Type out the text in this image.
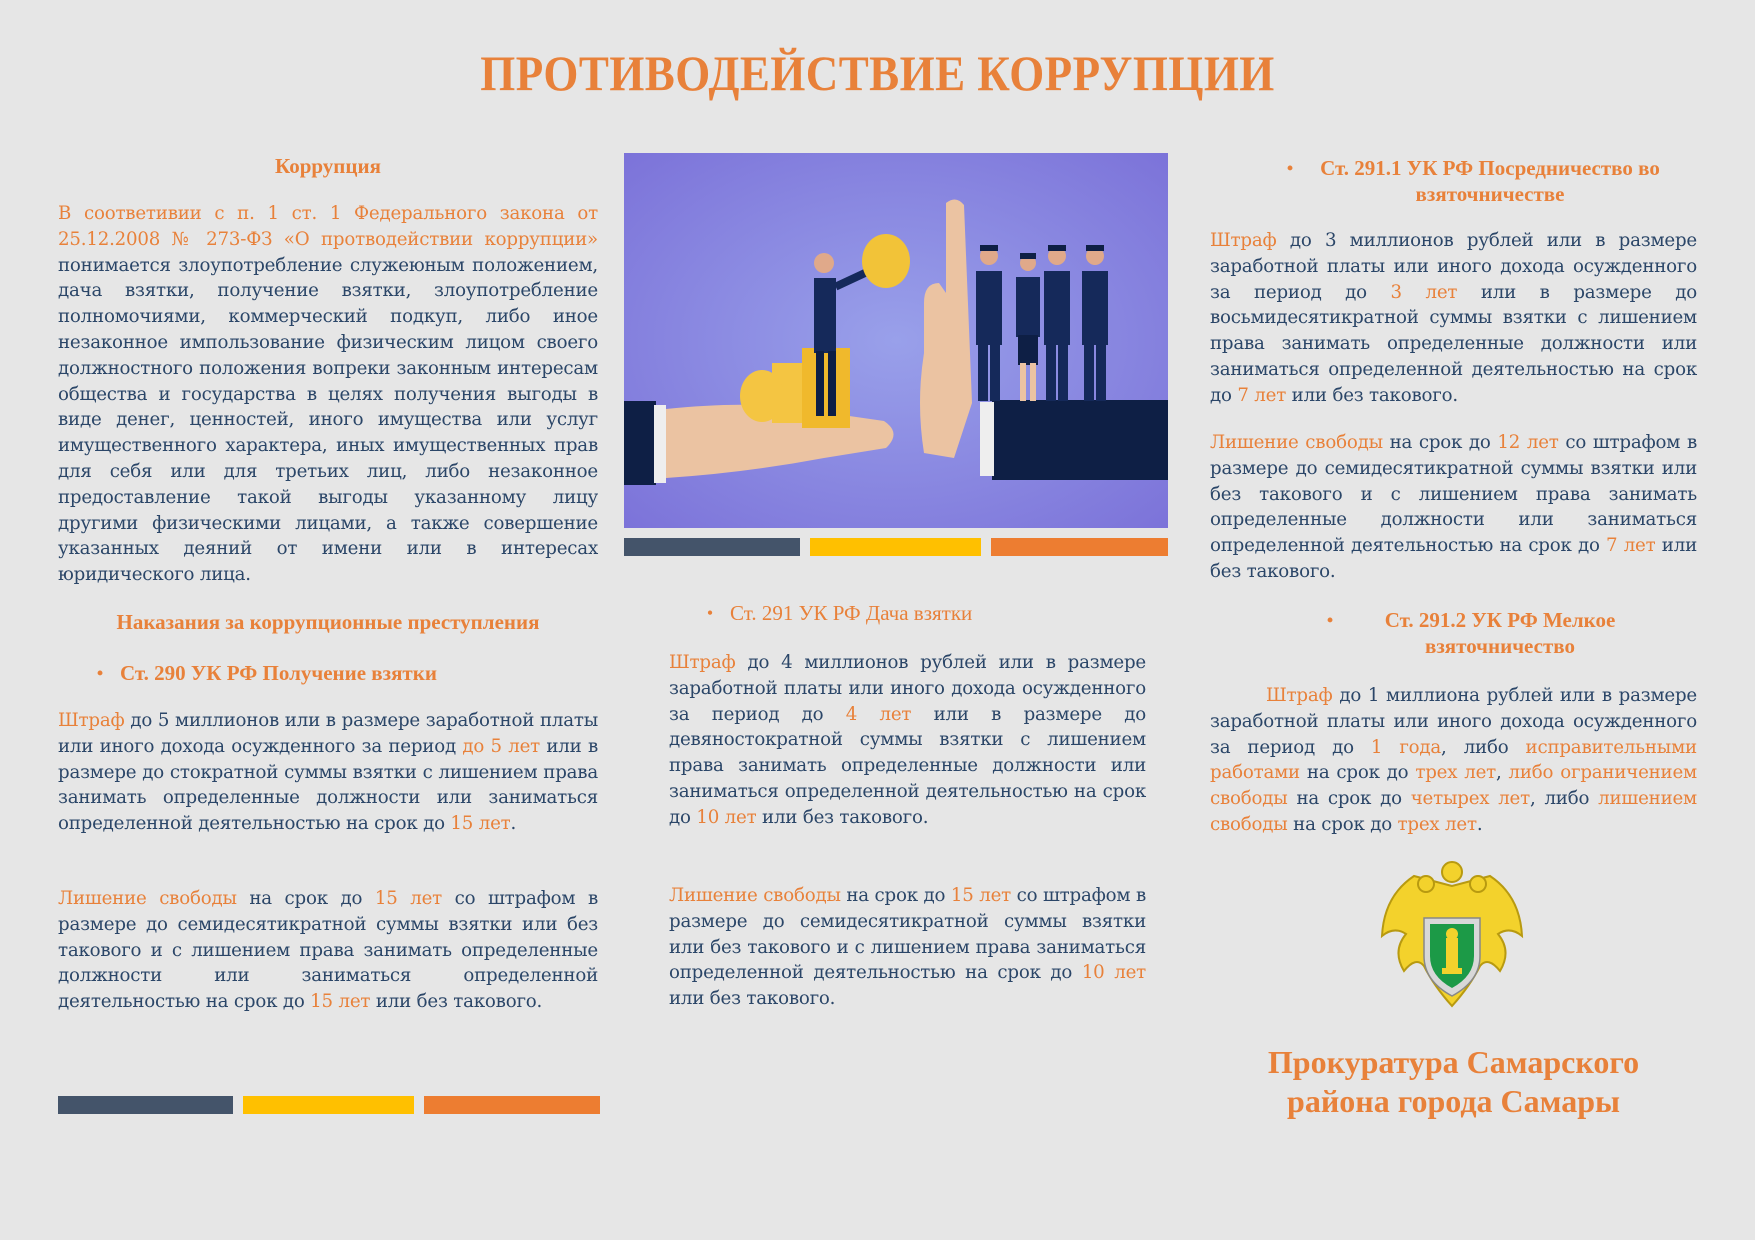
ПРОТИВОДЕЙСТВИЕ КОРРУПЦИИ
Коррупция
В соответивии с п. 1 ст. 1 Федерального закона от 25.12.2008 № 273-ФЗ «О протводействии коррупции» понимается злоупотребление служеюным положением, дача взятки, получение взятки, злоупотребление полномочиями, коммерческий подкуп, либо иное незаконное импользование физическим лицом своего должностного положения вопреки законным интересам общества и государства в целях получения выгоды в виде денег, ценностей, иного имущества или услуг имущественного характера, иных имущественных прав для себя или для третьих лиц, либо незаконное предоставление такой выгоды указанному лицу другими физическими лицами, а также совершение указанных деяний от имени или в интересах юридического лица.
Наказания за коррупционные преступления
• Ст. 290 УК РФ Получение взятки
Штраф до 5 миллионов или в размере заработной платы или иного дохода осужденного за период до 5 лет или в размере до стократной суммы взятки с лишением права занимать определенные должности или заниматься определенной деятельностью на срок до 15 лет.
Лишение свободы на срок до 15 лет со штрафом в размере до семидесятикратной суммы взятки или без такового и с лишением права занимать определенные должности или заниматься определенной деятельностью на срок до 15 лет или без такового.
• Ст. 291 УК РФ Дача взятки
Штраф до 4 миллионов рублей или в размере заработной платы или иного дохода осужденного за период до 4 лет или в размере до девяностократной суммы взятки с лишением права занимать определенные должности или заниматься определенной деятельностью на срок до 10 лет или без такового.
Лишение свободы на срок до 15 лет со штрафом в размере до семидесятикратной суммы взятки или без такового и с лишением права заниматься определенной деятельностью на срок до 10 лет или без такового.
•	Ст. 291.1 УК РФ Посредничество во взяточничестве
Штраф до 3 миллионов рублей или в размере заработной платы или иного дохода осужденного за период до 3 лет или в размере до восьмидесятикратной суммы взятки с лишением права занимать определенные должности или заниматься определенной деятельностью на срок до 7 лет или без такового.
Лишение свободы на срок до 12 лет со штрафом в размере до семидесятикратной суммы взятки или без такового и с лишением права занимать определенные должности или заниматься определенной деятельностью на срок до 7 лет или без такового.
•	Ст. 291.2 УК РФ Мелкое взяточничество
Штраф до 1 миллиона рублей или в размере заработной платы или иного дохода осужденного за период до 1 года, либо исправительными работами на срок до трех лет, либо ограничением свободы на срок до четырех лет, либо лишением свободы на срок до трех лет.
Прокуратура Самарского
района города Самары
